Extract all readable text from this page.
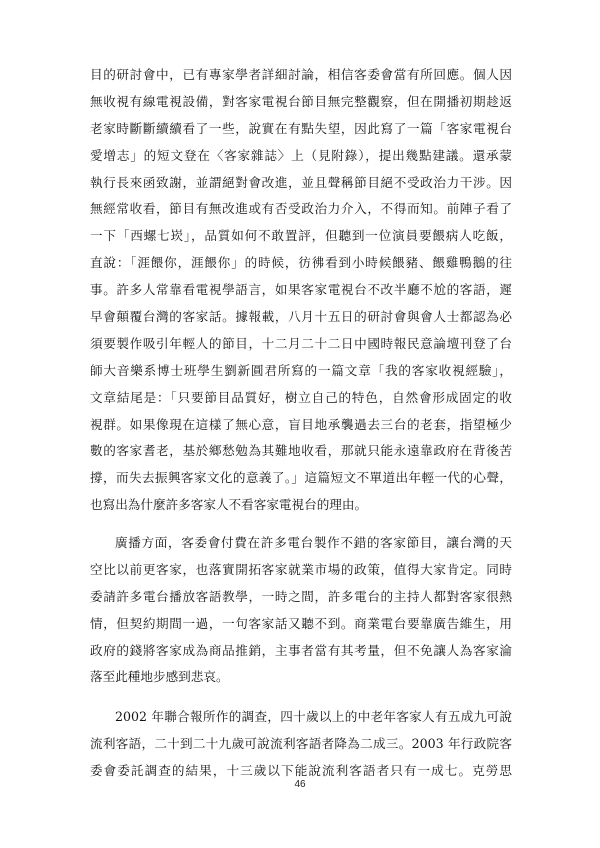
目的研討會中，已有專家學者詳細討論，相信客委會當有所回應。個人因
無收視有線電視設備，對客家電視台節目無完整觀察，但在開播初期趁返
老家時斷斷續續看了一些，說實在有點失望，因此寫了一篇「客家電視台
愛增志」的短文登在〈客家雜誌〉上（見附錄），提出幾點建議。還承蒙
執行長來函致謝，並謂絕對會改進，並且聲稱節目絕不受政治力干涉。因
無經常收看，節目有無改進或有否受政治力介入，不得而知。前陣子看了
一下「西螺七崁」，品質如何不敢置評，但聽到一位演員要餵病人吃飯，
直說：「涯餵你，涯餵你」的時候，彷彿看到小時候餵豬、餵雞鴨鵝的往
事。許多人常靠看電視學語言，如果客家電視台不改半廳不尬的客語，遲
早會顛覆台灣的客家話。據報載，八月十五日的研討會與會人士都認為必
須要製作吸引年輕人的節目，十二月二十二日中國時報民意論壇刊登了台
師大音樂系博士班學生劉新圓君所寫的一篇文章「我的客家收視經驗」，
文章結尾是：「只要節目品質好，樹立自己的特色，自然會形成固定的收
視群。如果像現在這樣了無心意，盲目地承襲過去三台的老套，指望極少
數的客家耆老，基於鄉愁勉為其難地收看，那就只能永遠靠政府在背後苦
撐，而失去振興客家文化的意義了。」這篇短文不單道出年輕一代的心聲，
也寫出為什麼許多客家人不看客家電視台的理由。
廣播方面，客委會付費在許多電台製作不錯的客家節目，讓台灣的天
空比以前更客家，也落實開拓客家就業市場的政策，值得大家肯定。同時
委請許多電台播放客語教學，一時之間，許多電台的主持人都對客家很熱
情，但契約期間一過，一句客家話又聽不到。商業電台要靠廣告維生，用
政府的錢將客家成為商品推銷，主事者當有其考量，但不免讓人為客家淪
落至此種地步感到悲哀。
2002 年聯合報所作的調查，四十歲以上的中老年客家人有五成九可說
流利客語，二十到二十九歲可說流利客語者降為二成三。2003 年行政院客
委會委託調查的結果，十三歲以下能說流利客語者只有一成七。克勞思
46
